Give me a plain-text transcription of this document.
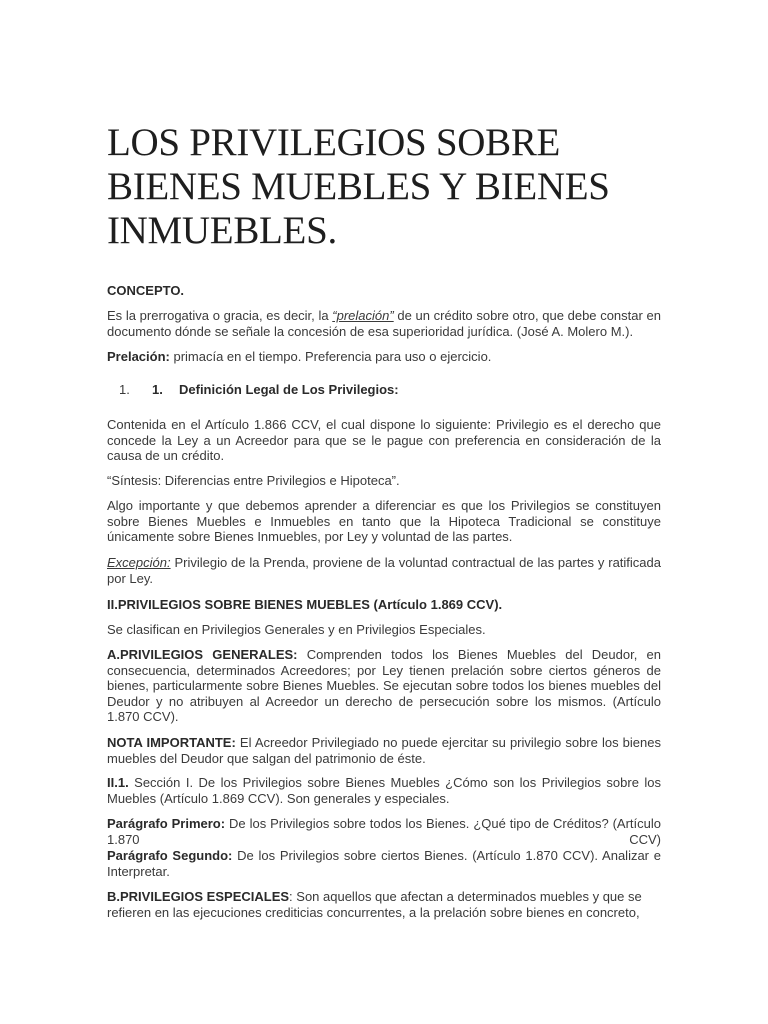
LOS PRIVILEGIOS SOBRE BIENES MUEBLES Y BIENES INMUEBLES.

CONCEPTO.

Es la prerrogativa o gracia, es decir, la “prelación” de un crédito sobre otro, que debe constar en documento dónde se señale la concesión de esa superioridad jurídica. (José A. Molero M.).

Prelación: primacía en el tiempo. Preferencia para uso o ejercicio.

1. 1. Definición Legal de Los Privilegios:

Contenida en el Artículo 1.866 CCV, el cual dispone lo siguiente: Privilegio es el derecho que concede la Ley a un Acreedor para que se le pague con preferencia en consideración de la causa de un crédito.

“Síntesis: Diferencias entre Privilegios e Hipoteca”.

Algo importante y que debemos aprender a diferenciar es que los Privilegios se constituyen sobre Bienes Muebles e Inmuebles en tanto que la Hipoteca Tradicional se constituye únicamente sobre Bienes Inmuebles, por Ley y voluntad de las partes.

Excepción: Privilegio de la Prenda, proviene de la voluntad contractual de las partes y ratificada por Ley.

II.PRIVILEGIOS SOBRE BIENES MUEBLES (Artículo 1.869 CCV).

Se clasifican en Privilegios Generales y en Privilegios Especiales.

A.PRIVILEGIOS GENERALES: Comprenden todos los Bienes Muebles del Deudor, en consecuencia, determinados Acreedores; por Ley tienen prelación sobre ciertos géneros de bienes, particularmente sobre Bienes Muebles. Se ejecutan sobre todos los bienes muebles del Deudor y no atribuyen al Acreedor un derecho de persecución sobre los mismos. (Artículo 1.870 CCV).

NOTA IMPORTANTE: El Acreedor Privilegiado no puede ejercitar su privilegio sobre los bienes muebles del Deudor que salgan del patrimonio de éste.

II.1. Sección I. De los Privilegios sobre Bienes Muebles ¿Cómo son los Privilegios sobre los Muebles (Artículo 1.869 CCV). Son generales y especiales.

Parágrafo Primero: De los Privilegios sobre todos los Bienes. ¿Qué tipo de Créditos? (Artículo 1.870 CCV)

Parágrafo Segundo: De los Privilegios sobre ciertos Bienes. (Artículo 1.870 CCV). Analizar e Interpretar.

B.PRIVILEGIOS ESPECIALES: Son aquellos que afectan a determinados muebles y que se refieren en las ejecuciones crediticias concurrentes, a la prelación sobre bienes en concreto,
